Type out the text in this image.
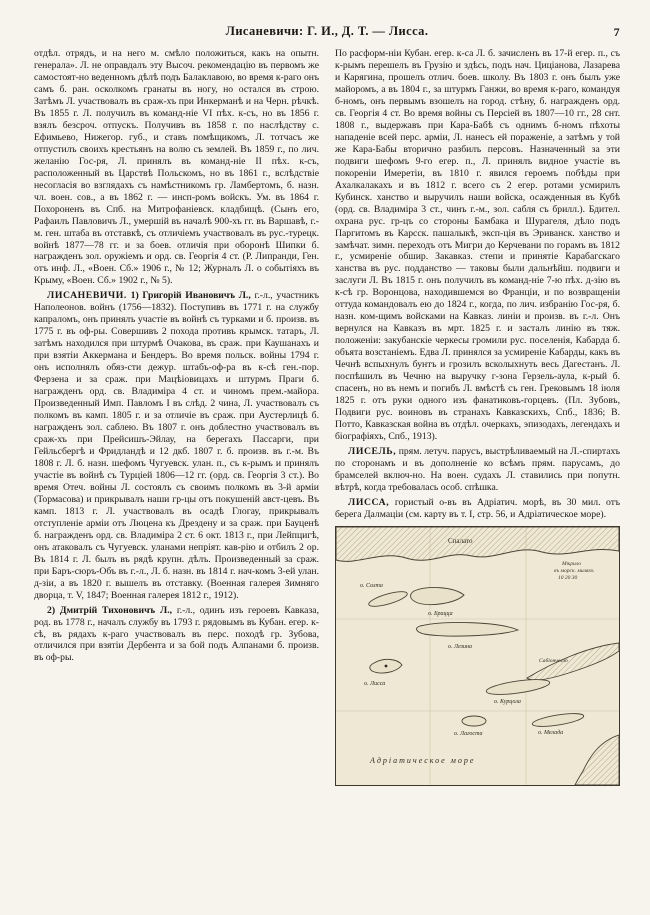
Лисаневичи: Г. И., Д. Т. — Лисса.	7

отдѣл. отрядъ, и на него м. смѣло положиться, какъ на опытн. генерала». Л. не оправдалъ эту Высоч. рекомендацію въ первомъ же самостоят-но веденномъ дѣлѣ подъ Балаклавою, во время к-раго онъ самъ б. ран. осколкомъ гранаты въ ногу, но остался въ строю. Затѣмъ Л. участвовалъ въ сраж-хъ при Инкерманѣ и на Черн. рѣчкѣ. Въ 1855 г. Л. получилъ въ команд-ніе VI пѣх. к-съ, но въ 1856 г. взялъ безсроч. отпускъ. Получивъ въ 1858 г. по наслѣдству с. Ефимьево, Нижегор. губ., и ставъ помѣщикомъ, Л. тотчасъ же отпустилъ своихъ крестьянъ на волю съ землей. Въ 1859 г., по лич. желанію Гос-ря, Л. принялъ въ команд-ніе II пѣх. к-съ, расположенный въ Царствѣ Польскомъ, но въ 1861 г., вслѣдствіе несогласія во взглядахъ съ намѣстникомъ гр. Ламбертомъ, б. назн. чл. воен. сов., а въ 1862 г. — инсп-ромъ войскъ. Ум. въ 1864 г. Похороненъ въ Спб. на Митрофаніевск. кладбищѣ. (Сынъ его, Рафаилъ Павловичъ Л., умершій въ началѣ 900-хъ гг. въ Варшавѣ, г.-м. ген. штаба въ отставкѣ, съ отличіемъ участвовалъ въ рус.-турецк. войнѣ 1877—78 гг. и за боев. отличія при оборонѣ Шипки б. награжденъ зол. оружіемъ и орд. св. Георгія 4 ст. (Р. Липранди, Ген. отъ инф. Л., «Воен. Сб.» 1906 г., № 12; Журналъ Л. о событіяхъ въ Крыму, «Воен. Сб.» 1902 г., № 5).

ЛИСАНЕВИЧИ. 1) Григорій Ивановичъ Л., г.-л., участникъ Наполеонов. войнъ (1756—1832). Поступивъ въ 1771 г. на службу капраломъ, онъ принялъ участіе въ войнѣ съ турками и б. произв. въ 1775 г. въ оф-ры. Совершивъ 2 похода противъ крымск. татаръ, Л. затѣмъ находился при штурмѣ Очакова, въ сраж. при Каушанахъ и при взятіи Аккермана и Бендеръ. Во время польск. войны 1794 г. онъ исполнялъ обяз-сти дежур. штабъ-оф-ра въ к-сѣ ген.-пор. Ферзена и за сраж. при Мацѣіовицахъ и штурмъ Праги б. награжденъ орд. св. Владиміра 4 ст. и чиномъ прем.-майора. Произведенный Имп. Павломъ I въ слѣд. 2 чина, Л. участвовалъ съ полкомъ въ камп. 1805 г. и за отличіе въ сраж. при Аустерлицѣ б. награжденъ зол. саблею. Въ 1807 г. онъ доблестно участвовалъ въ сраж-хъ при Прейсишъ-Эйлау, на берегахъ Пассарги, при Гейльсбергѣ и Фридландѣ и 12 дкб. 1807 г. б. произв. въ г.-м. Въ 1808 г. Л. б. назн. шефомъ Чугуевск. улан. п., съ к-рымъ и принялъ участіе въ войнѣ съ Турціей 1806—12 гг. (орд. св. Георгія 3 ст.). Во время Отеч. войны Л. состоялъ съ своимъ полкомъ въ 3-й арміи (Тормасова) и прикрывалъ наши гр-цы отъ покушеній авст-цевъ. Въ камп. 1813 г. Л. участвовалъ въ осадѣ Глогау, прикрывалъ отступленіе арміи отъ Люцена къ Дрездену и за сраж. при Бауценѣ б. награжденъ орд. св. Владиміра 2 ст. 6 окт. 1813 г., при Лейпцигѣ, онъ атаковалъ съ Чугуевск. уланами непріят. кав-рію и отбилъ 2 ор. Въ 1814 г. Л. былъ въ рядѣ крупн. дѣлъ. Произведенный за сраж. при Баръ-сюръ-Объ въ г.-л., Л. б. назн. въ 1814 г. нач-комъ 3-ей улан. д-зіи, а въ 1820 г. вышелъ въ отставку. (Военная галерея Зимняго дворца, т. V, 1847; Военная галерея 1812 г., 1912).

2) Дмитрій Тихоновичъ Л., г.-л., одинъ изъ героевъ Кавказа, род. въ 1778 г., началъ службу въ 1793 г. рядовымъ въ Кубан. егер. к-сѣ, въ рядахъ к-раго участвовалъ въ перс. походѣ гр. Зубова, отличился при взятіи Дербента и за бой подъ Алпанами б. произв. въ оф-ры.

По расформ-ніи Кубан. егер. к-са Л. б. зачисленъ въ 17-й егер. п., съ к-рымъ перешелъ въ Грузію и здѣсь, подъ нач. Циціанова, Лазарева и Карягина, прошелъ отлич. боев. школу. Въ 1803 г. онъ былъ уже майоромъ, а въ 1804 г., за штурмъ Ганжи, во время к-раго, командуя б-номъ, онъ первымъ взошелъ на город. стѣну, б. награжденъ орд. св. Георгія 4 ст. Во время войны съ Персіей въ 1807—10 гг., 28 снт. 1808 г., выдержавъ при Кара-Бабѣ съ однимъ б-номъ пѣхоты нападеніе всей перс. арміи, Л. нанесъ ей пораженіе, а затѣмъ у той же Кара-Бабы вторично разбилъ персовъ. Назначенный за эти подвиги шефомъ 9-го егер. п., Л. принялъ видное участіе въ покореніи Имеретіи, въ 1810 г. явился героемъ побѣды при Ахалкалакахъ и въ 1812 г. всего съ 2 егер. ротами усмирилъ Кубинск. ханство и выручилъ наши войска, осажденныя въ Кубѣ (орд. св. Владиміра 3 ст., чинъ г.-м., зол. сабля съ брилл.). Бдител. охрана рус. гр-цъ со стороны Бамбака и Шурагеля, дѣло подъ Паргитомъ въ Карсск. пашалыкѣ, эксп-ція въ Эриванск. ханство и замѣчат. зимн. переходъ отъ Мигри до Керчевани по горамъ въ 1812 г., усмиреніе обшир. Закавказ. степи и принятіе Карабагскаго ханства въ рус. подданство — таковы были дальнѣйш. подвиги и заслуги Л. Въ 1815 г. онъ получилъ въ команд-ніе 7-ю пѣх. д-зію въ к-сѣ гр. Воронцова, находившемся во Франціи, и по возвращеніи оттуда командовалъ ею до 1824 г., когда, по лич. избранію Гос-ря, б. назн. ком-щимъ войсками на Кавказ. линіи и произв. въ г.-л. Онъ вернулся на Кавказъ въ мрт. 1825 г. и засталъ линію въ тяж. положеніи: закубанскіе черкесы громили рус. поселенія, Кабарда б. объята возстаніемъ. Едва Л. принялся за усмиреніе Кабарды, какъ въ Чечнѣ вспыхнулъ бунтъ и грозилъ всколыхнуть весь Дагестанъ. Л. поспѣшилъ въ Чечню на выручку г-зона Герзель-аула, к-рый б. спасенъ, но въ немъ и погибъ Л. вмѣстѣ съ ген. Грековымъ 18 іюля 1825 г. отъ руки одного изъ фанатиковъ-горцевъ. (Пл. Зубовъ, Подвиги рус. воиновъ въ странахъ Кавказскихъ, Спб., 1836; В. Потто, Кавказская война въ отдѣл. очеркахъ, эпизодахъ, легендахъ и біографіяхъ, Спб., 1913).

ЛИСЕЛЬ, прям. летуч. парусъ, выстрѣливаемый на Л.-спиртахъ по сторонамъ и въ дополненіе ко всѣмъ прям. парусамъ, до брамселей включ-но. На воен. судахъ Л. ставились при попутн. вѣтрѣ, когда требовалась особ. спѣшка.

ЛИССА, гористый о-въ въ Адріатич. морѣ, въ 30 мил. отъ берега Далмаціи (см. карту въ т. I, стр. 56, и Адріатическое море).

Спалато
о. Солта
о. Брацца
о. Лезина
о. Лисса
о. Курцола
о. Лагоста	о. Мелада
Сабіончелло
Адріатическое море
Мѣрило
въ морск. миляхъ
10 20 30
